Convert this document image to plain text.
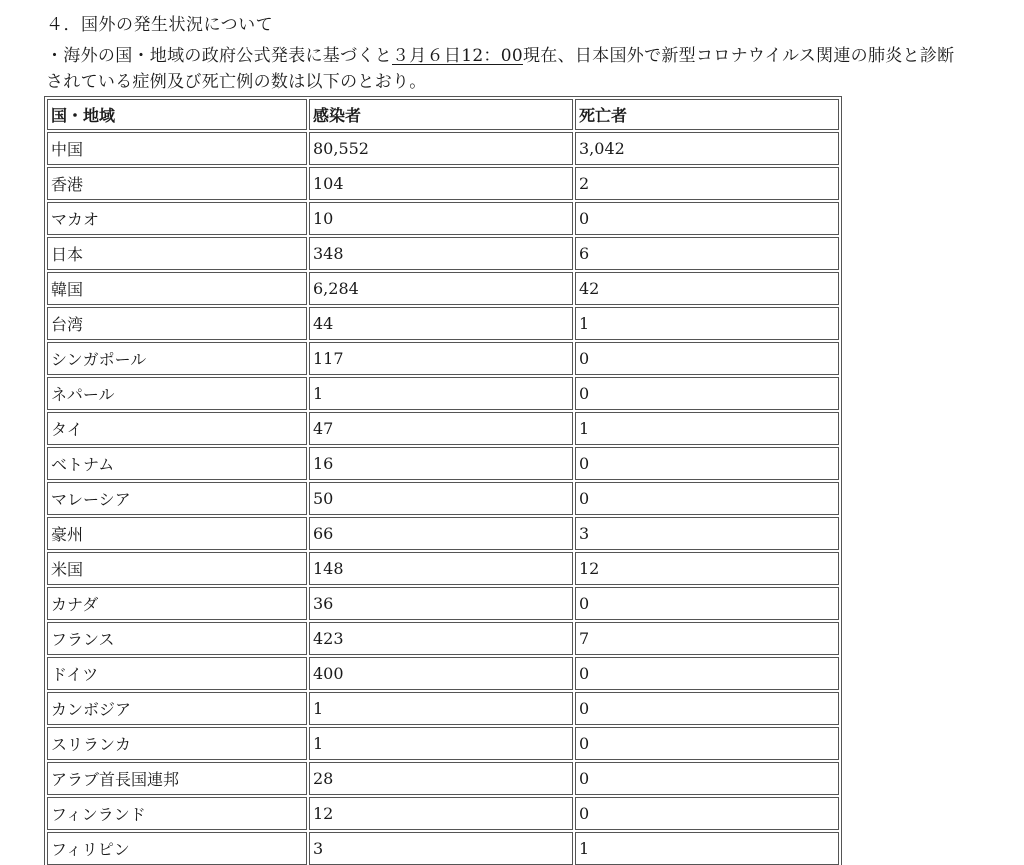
４．国外の発生状況について
・海外の国・地域の政府公式発表に基づくと３月６日12：00現在、日本国外で新型コロナウイルス関連の肺炎と診断
されている症例及び死亡例の数は以下のとおり。
国・地域	感染者	死亡者
中国	80,552	3,042
香港	104	2
マカオ	10	0
日本	348	6
韓国	6,284	42
台湾	44	1
シンガポール	117	0
ネパール	1	0
タイ	47	1
ベトナム	16	0
マレーシア	50	0
豪州	66	3
米国	148	12
カナダ	36	0
フランス	423	7
ドイツ	400	0
カンボジア	1	0
スリランカ	1	0
アラブ首長国連邦	28	0
フィンランド	12	0
フィリピン	3	1
